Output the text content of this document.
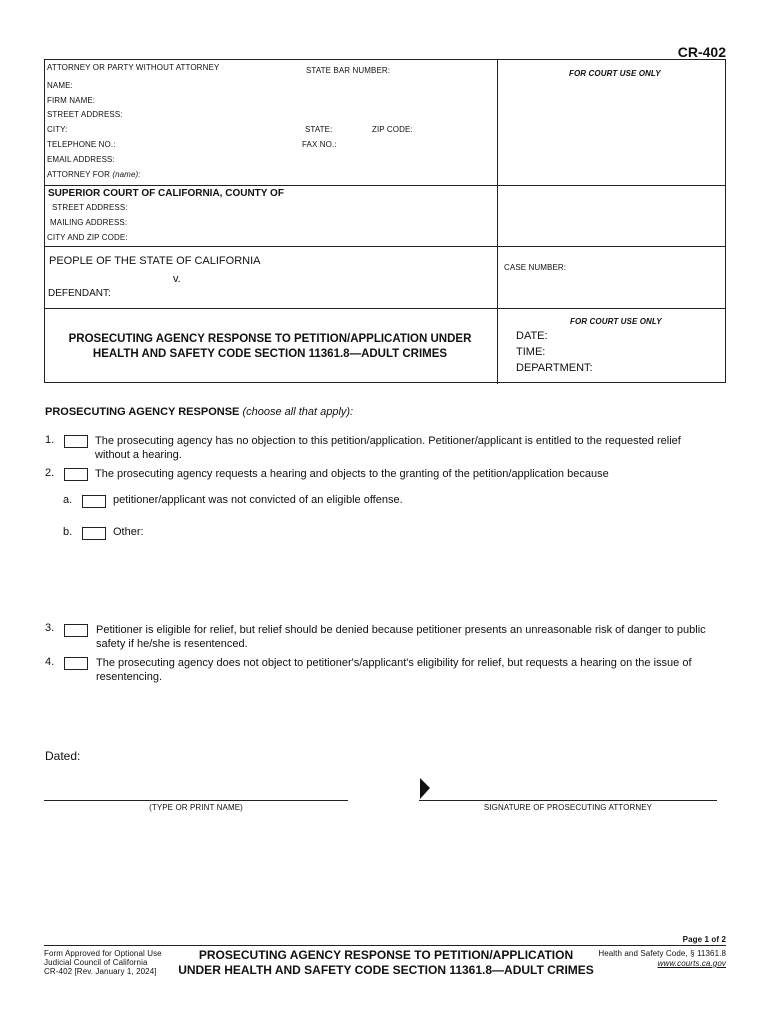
CR-402
ATTORNEY OR PARTY WITHOUT ATTORNEY	STATE BAR NUMBER:	FOR COURT USE ONLY
NAME:
FIRM NAME:
STREET ADDRESS:
CITY:	STATE:	ZIP CODE:
TELEPHONE NO.:	FAX NO.:
EMAIL ADDRESS:
ATTORNEY FOR (name):
SUPERIOR COURT OF CALIFORNIA, COUNTY OF
STREET ADDRESS:
MAILING ADDRESS:
CITY AND ZIP CODE:
PEOPLE OF THE STATE OF CALIFORNIA
v.
DEFENDANT:
CASE NUMBER:
PROSECUTING AGENCY RESPONSE TO PETITION/APPLICATION UNDER
HEALTH AND SAFETY CODE SECTION 11361.8—ADULT CRIMES
FOR COURT USE ONLY
DATE:
TIME:
DEPARTMENT:
PROSECUTING AGENCY RESPONSE (choose all that apply):
1.	The prosecuting agency has no objection to this petition/application. Petitioner/applicant is entitled to the requested relief
without a hearing.
2.	The prosecuting agency requests a hearing and objects to the granting of the petition/application because
a.	petitioner/applicant was not convicted of an eligible offense.
b.	Other:
3.	Petitioner is eligible for relief, but relief should be denied because petitioner presents an unreasonable risk of danger to public
safety if he/she is resentenced.
4.	The prosecuting agency does not object to petitioner's/applicant's eligibility for relief, but requests a hearing on the issue of
resentencing.
Dated:
(TYPE OR PRINT NAME)	SIGNATURE OF PROSECUTING ATTORNEY
Page 1 of 2
Form Approved for Optional Use
Judicial Council of California
CR-402 [Rev. January 1, 2024]
PROSECUTING AGENCY RESPONSE TO PETITION/APPLICATION
UNDER HEALTH AND SAFETY CODE SECTION 11361.8—ADULT CRIMES
Health and Safety Code, § 11361.8
www.courts.ca.gov
